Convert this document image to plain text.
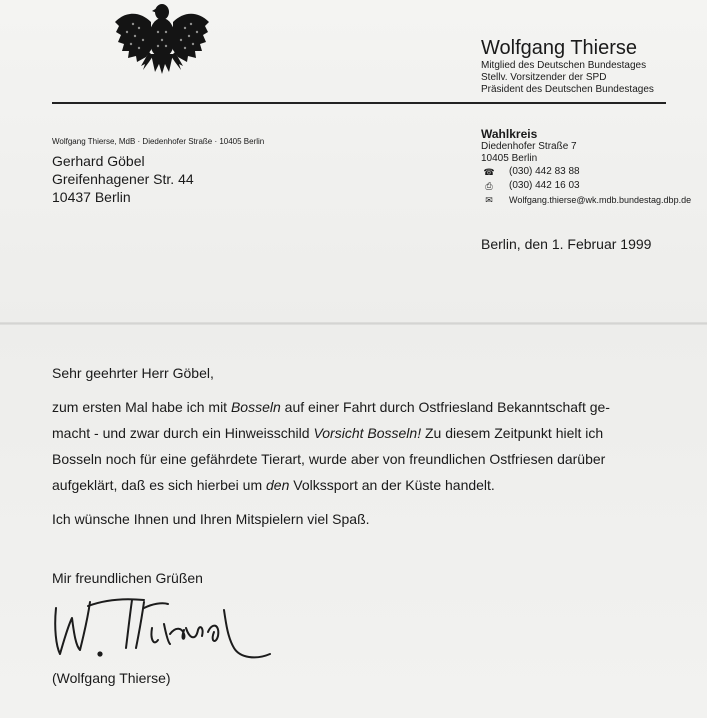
Wolfgang Thierse
Mitglied des Deutschen Bundestages
Stellv. Vorsitzender der SPD
Präsident des Deutschen Bundestages
Wolfgang Thierse, MdB · Diedenhofer Straße · 10405 Berlin
Gerhard Göbel
Greifenhagener Str. 44
10437 Berlin
Wahlkreis
Diedenhofer Straße 7
10405 Berlin
☎ (030) 442 83 88
⎙	(030) 442 16 03
✉	Wolfgang.thierse@wk.mdb.bundestag.dbp.de
Berlin, den 1. Februar 1999

Sehr geehrter Herr Göbel,

zum ersten Mal habe ich mit Bosseln auf einer Fahrt durch Ostfriesland Bekanntschaft ge-

macht - und zwar durch ein Hinweisschild Vorsicht Bosseln! Zu diesem Zeitpunkt hielt ich

Bosseln noch für eine gefährdete Tierart, wurde aber von freundlichen Ostfriesen darüber

aufgeklärt, daß es sich hierbei um den Volkssport an der Küste handelt.

Ich wünsche Ihnen und Ihren Mitspielern viel Spaß.

Mir freundlichen Grüßen
(Wolfgang Thierse)
